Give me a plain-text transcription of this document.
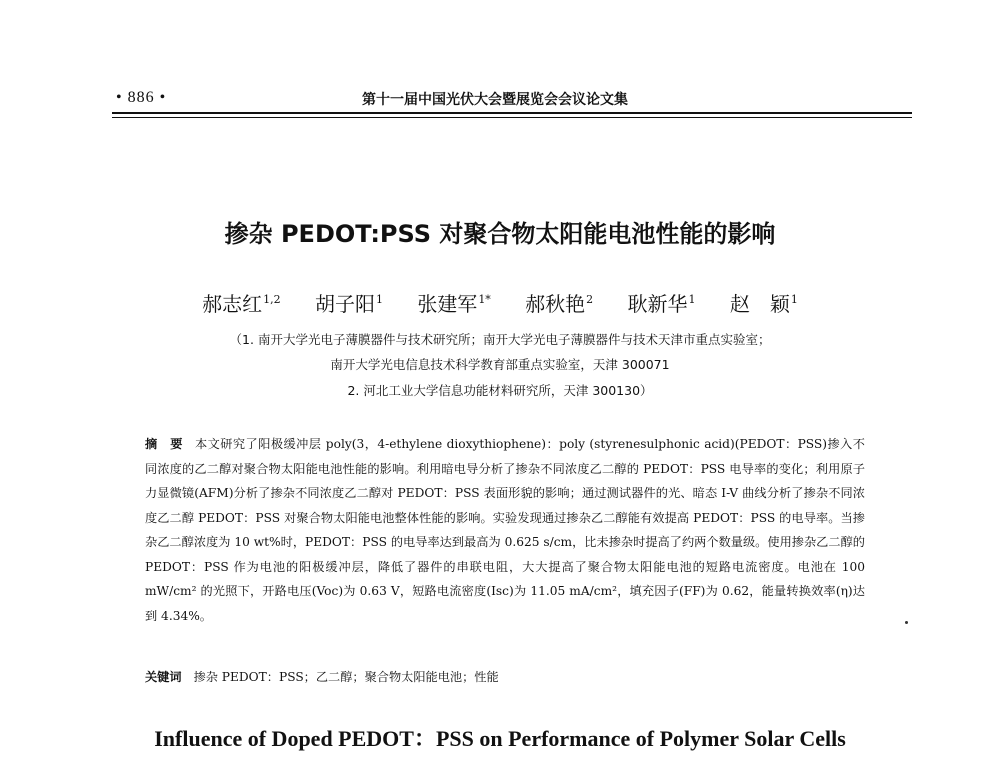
• 886 •	第十一届中国光伏大会暨展览会会议论文集
掺杂 PEDOT:PSS 对聚合物太阳能电池性能的影响
郝志红$^{1,2}$ 胡子阳$^1$ 张建军$^{1*}$ 郝秋艳$^2$ 耿新华$^1$ 赵　颖$^1$
（1. 南开大学光电子薄膜器件与技术研究所；南开大学光电子薄膜器件与技术天津市重点实验室；
南开大学光电信息技术科学教育部重点实验室，天津 300071
2. 河北工业大学信息功能材料研究所，天津 300130）
摘　要 本文研究了阳极缓冲层 poly(3，4-ethylene dioxythiophene)：poly (styrenesulphonic acid)(PEDOT：PSS)掺入不同浓度的乙二醇对聚合物太阳能电池性能的影响。利用暗电导分析了掺杂不同浓度乙二醇的 PEDOT：PSS 电导率的变化；利用原子力显微镜(AFM)分析了掺杂不同浓度乙二醇对 PEDOT：PSS 表面形貌的影响；通过测试器件的光、暗态 I-V 曲线分析了掺杂不同浓度乙二醇 PEDOT：PSS 对聚合物太阳能电池整体性能的影响。实验发现通过掺杂乙二醇能有效提高 PEDOT：PSS 的电导率。当掺杂乙二醇浓度为 10 wt%时，PEDOT：PSS 的电导率达到最高为 0.625 s/cm，比未掺杂时提高了约两个数量级。使用掺杂乙二醇的 PEDOT：PSS 作为电池的阳极缓冲层，降低了器件的串联电阻，大大提高了聚合物太阳能电池的短路电流密度。电池在 100 mW/cm² 的光照下，开路电压(Voc)为 0.63 V，短路电流密度(Isc)为 11.05 mA/cm²，填充因子(FF)为 0.62，能量转换效率(η)达到 4.34%。
关键词 掺杂 PEDOT：PSS；乙二醇；聚合物太阳能电池；性能
Influence of Doped PEDOT：PSS on Performance of Polymer Solar Cells
